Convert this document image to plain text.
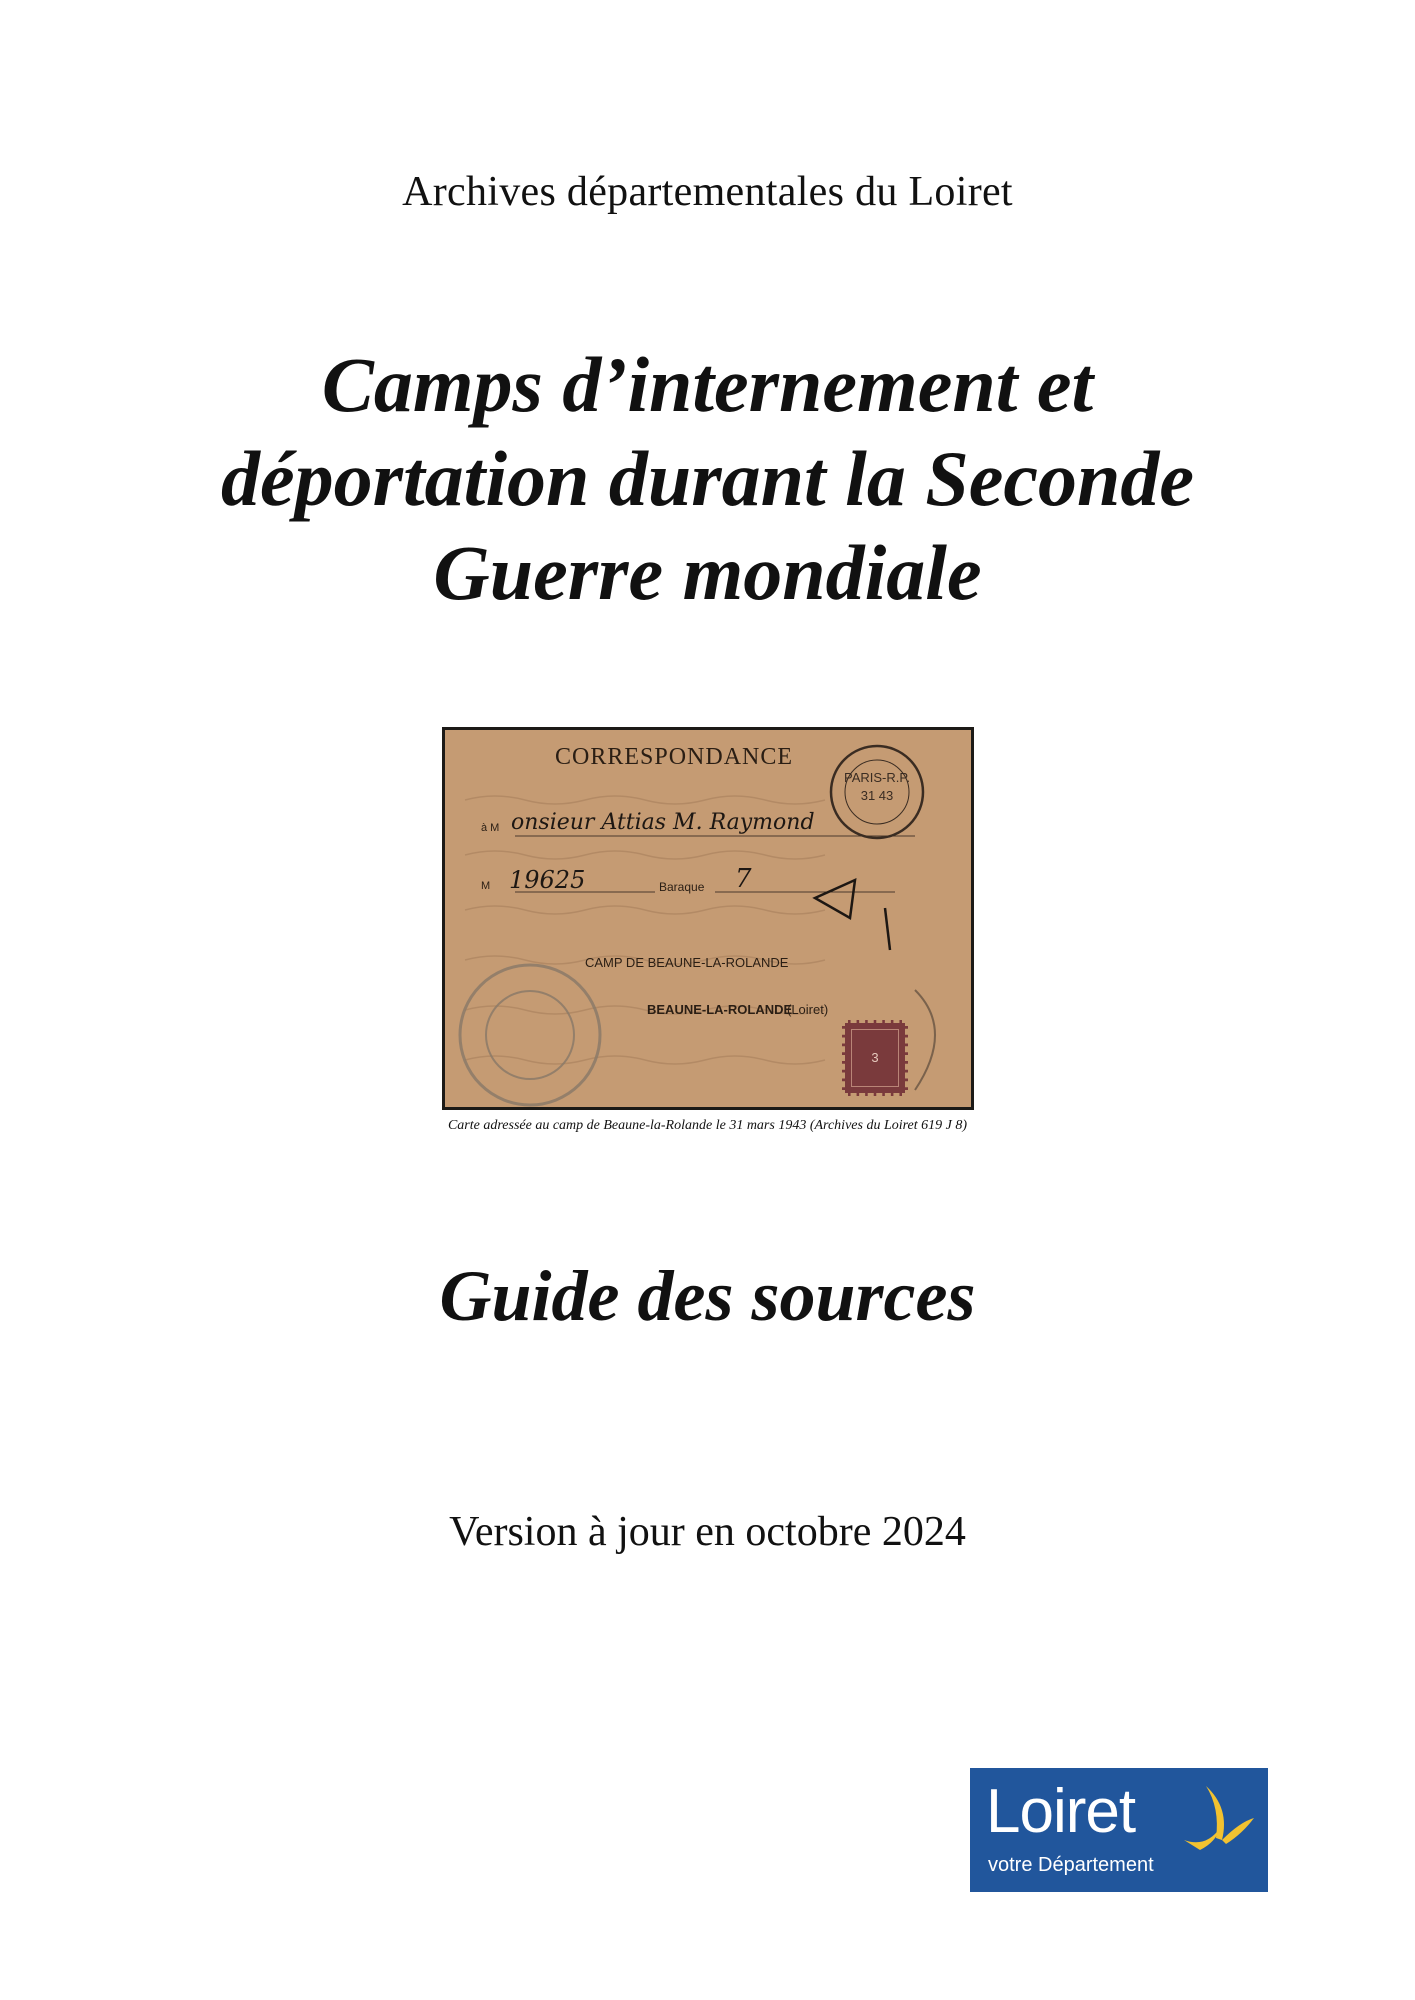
Archives départementales du Loiret
Camps d’internement et
déportation durant la Seconde
Guerre mondiale
CORRESPONDANCE
PARIS-R.P.
31 43
à M onsieur Attias M. Raymond
M 19625	Baraque 7
CAMP DE BEAUNE-LA-ROLANDE
BEAUNE-LA-ROLANDE
(Loiret)
3
Carte adressée au camp de Beaune-la-Rolande le 31 mars 1943 (Archives du Loiret 619 J 8)
Guide des sources
Version à jour en octobre 2024
Loiret
votre Département
